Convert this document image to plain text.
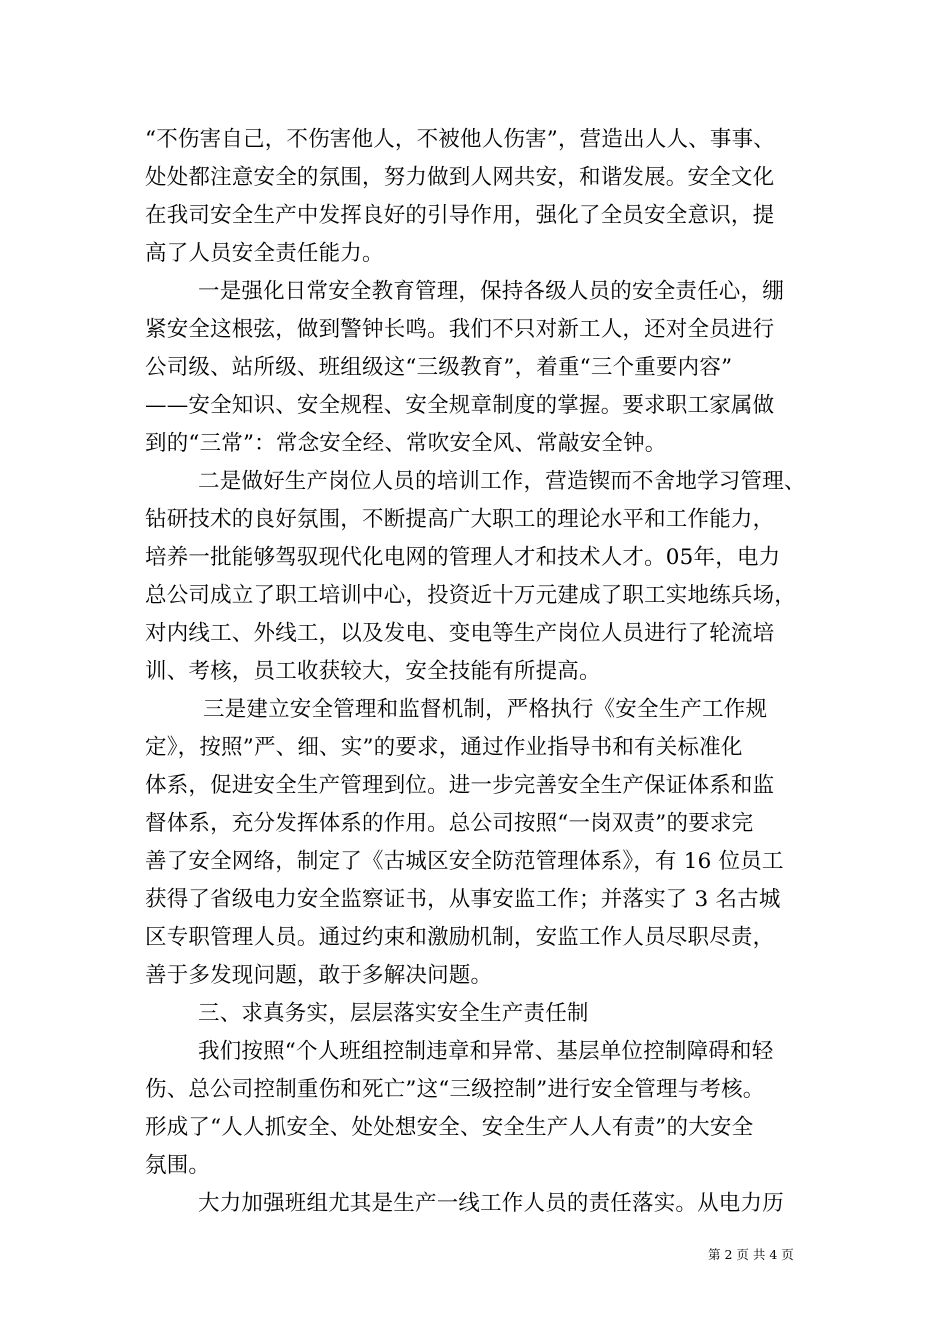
“不伤害自己，不伤害他人，不被他人伤害”，营造出人人、事事、
处处都注意安全的氛围，努力做到人网共安，和谐发展。安全文化
在我司安全生产中发挥良好的引导作用，强化了全员安全意识，提
高了人员安全责任能力。
一是强化日常安全教育管理，保持各级人员的安全责任心，绷
紧安全这根弦，做到警钟长鸣。我们不只对新工人，还对全员进行
公司级、站所级、班组级这“三级教育”，着重“三个重要内容”
——安全知识、安全规程、安全规章制度的掌握。要求职工家属做
到的“三常”：常念安全经、常吹安全风、常敲安全钟。
二是做好生产岗位人员的培训工作，营造锲而不舍地学习管理、
钻研技术的良好氛围，不断提高广大职工的理论水平和工作能力，
培养一批能够驾驭现代化电网的管理人才和技术人才。05年，电力
总公司成立了职工培训中心，投资近十万元建成了职工实地练兵场，
对内线工、外线工，以及发电、变电等生产岗位人员进行了轮流培
训、考核，员工收获较大，安全技能有所提高。
三是建立安全管理和监督机制，严格执行《安全生产工作规
定》，按照”严、细、实”的要求，通过作业指导书和有关标准化
体系，促进安全生产管理到位。进一步完善安全生产保证体系和监
督体系，充分发挥体系的作用。总公司按照“一岗双责”的要求完
善了安全网络，制定了《古城区安全防范管理体系》，有 16 位员工
获得了省级电力安全监察证书，从事安监工作；并落实了 3 名古城
区专职管理人员。通过约束和激励机制，安监工作人员尽职尽责，
善于多发现问题，敢于多解决问题。
三、求真务实，层层落实安全生产责任制
我们按照“个人班组控制违章和异常、基层单位控制障碍和轻
伤、总公司控制重伤和死亡”这“三级控制”进行安全管理与考核。
形成了“人人抓安全、处处想安全、安全生产人人有责”的大安全
氛围。
大力加强班组尤其是生产一线工作人员的责任落实。从电力历
第 2 页 共 4 页
